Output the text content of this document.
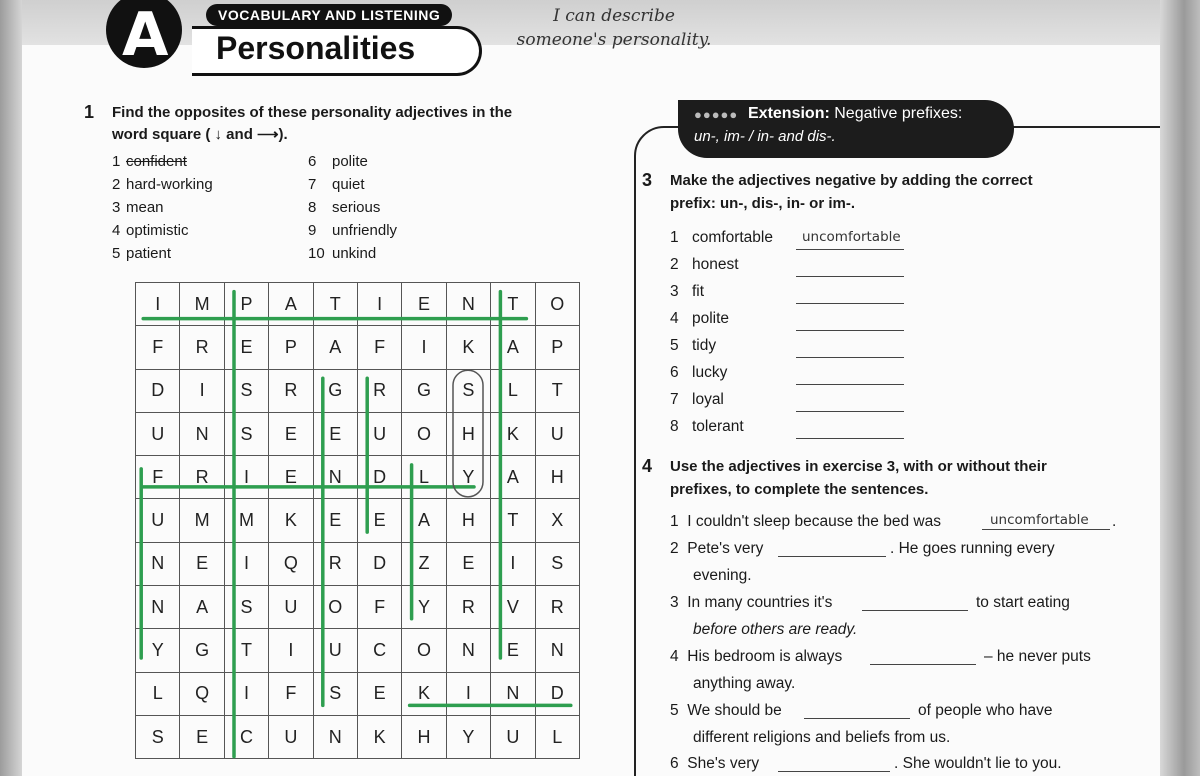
A	VOCABULARY AND LISTENING
Personalities
I can describe
someone's personality.
1 Find the opposites of these personality adjectives in the
word square ( ↓ and ⟶).
1confident
2hard-working
3mean
4optimistic
5patient
6polite
7quiet
8serious
9unfriendly
10unkind
I	M	P	A	T	I	E	N	T	O
F	R	E	P	A	F	I	K	A	P
D	I	S	R	G	R	G	S	L	T
U	N	S	E	E	U	O	H	K	U
F	R	I	E	N	D	L	Y	A	H
U	M	M	K	E	E	A	H	T	X
N	E	I	Q	R	D	Z	E	I	S
N	A	S	U	O	F	Y	R	V	R
Y	G	T	I	U	C	O	N	E	N
L	Q	I	F	S	E	K	I	N	D
S	E	C	U	N	K	H	Y	U	L
●●●●● Extension: Negative prefixes:
un-, im- / in- and dis-.
3 Make the adjectives negative by adding the correct
prefix: un-, dis-, in- or im-.
1 comfortable uncomfortable
2 honest
3 fit
4 polite
5 tidy
6 lucky
7 loyal
8 tolerant
4 Use the adjectives in exercise 3, with or without their
prefixes, to complete the sentences.
1 I couldn't sleep because the bed was	uncomfortable .
2 Pete's very	. He goes running every
evening.
3 In many countries it's	to start eating
before others are ready.
4 His bedroom is always	– he never puts
anything away.
5 We should be	of people who have
different religions and beliefs from us.
6 She's very	. She wouldn't lie to you.
